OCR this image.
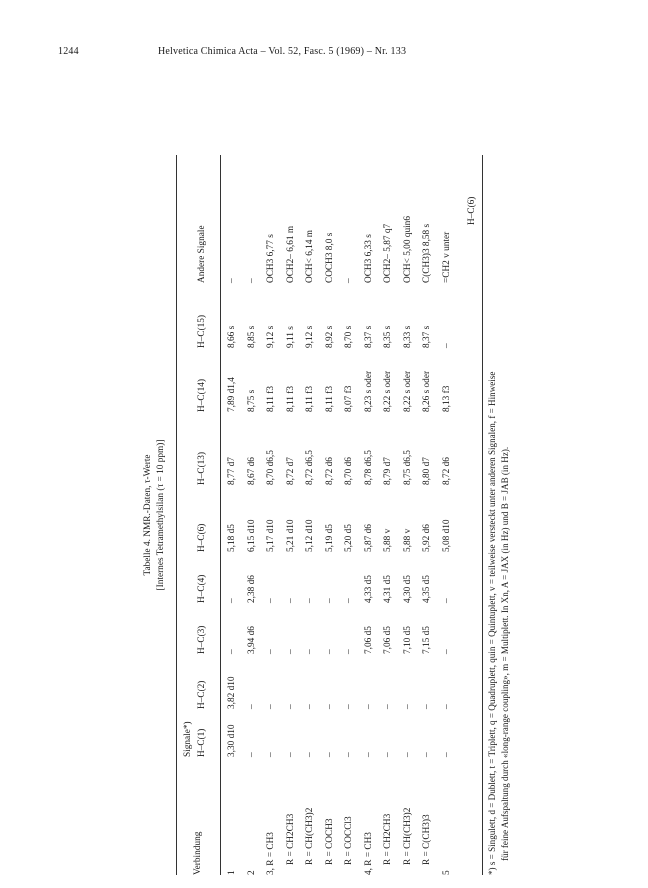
1244	Helvetica Chimica Acta – Vol. 52, Fasc. 5 (1969) – Nr. 133
Tabelle 4. NMR.-Daten, τ-Werte [Internes Tetramethylsilan (τ = 10 ppm)]
Verbindung
Signale*) H–C(1)
H–C(2)
H–C(3)
H–C(4)
H–C(6)
H–C(13)
H–C(14)
H–C(15)
Andere Signale
1
3,30 d10
3,82 d10
–
–
5,18 d5
8,77 d7
7,89 d1,4
8,66 s
–
2
–
–
3,94 d6
2,38 d6
6,15 d10
8,67 d6
8,75 s
8,85 s
–
3, R = CH3
–
–
–
–
5,17 d10
8,70 d6,5
8,11 f3
9,12 s
OCH3 6,77 s
R = CH2CH3
–
–
–
–
5,21 d10
8,72 d7
8,11 f3
9,11 s
OCH2– 6,61 m
R = CH(CH3)2
–
–
–
–
5,12 d10
8,72 d6,5
8,11 f3
9,12 s
OCH< 6,14 m
R = COCH3
–
–
–
–
5,19 d5
8,72 d6
8,11 f3
8,92 s
COCH3 8,0 s
R = COCCl3
–
–
–
–
5,20 d5
8,70 d6
8,07 f3
8,70 s
–
4, R = CH3
–
–
7,06 d5
4,33 d5
5,87 d6
8,78 d6,5
8,23 s oder
8,37 s
OCH3 6,33 s
R = CH2CH3
–
–
7,06 d5
4,31 d5
5,88 v
8,79 d7
8,22 s oder
8,35 s
OCH2– 5,87 q7
R = CH(CH3)2
–
–
7,10 d5
4,30 d5
5,88 v
8,75 d6,5
8,22 s oder
8,33 s
OCH< 5,00 quin6
R = C(CH3)3
–
–
7,15 d5
4,35 d5
5,92 d6
8,80 d7
8,26 s oder
8,37 s
C(CH3)3 8,58 s
5
–
–
–
–
5,08 d10
8,72 d6
8,13 f3
–
=CH2 v unter
H–C(6)
*) s = Singulett, d = Dublett, t = Triplett, q = Quadruplett, quin = Quintuplett, v = teilweise versteckt unter anderen Signalen, f = Hinweise für feine Aufspaltung durch «long-range coupling», m = Multiplett. In Xn, A = JAX (in Hz) und B = JAB (in Hz).
